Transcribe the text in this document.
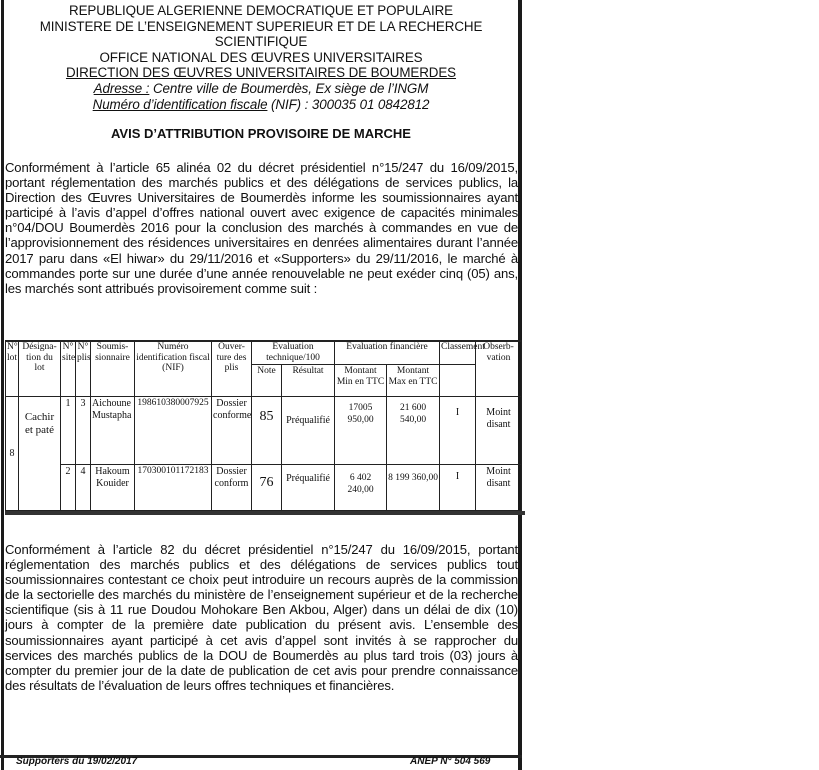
REPUBLIQUE ALGERIENNE DEMOCRATIQUE ET POPULAIRE
MINISTERE DE L’ENSEIGNEMENT SUPERIEUR ET DE LA RECHERCHE
SCIENTIFIQUE
OFFICE NATIONAL DES ŒUVRES UNIVERSITAIRES
DIRECTION DES ŒUVRES UNIVERSITAIRES DE BOUMERDES
Adresse : Centre ville de Boumerdès, Ex siège de l’INGM
Numéro d’identification fiscale (NIF) : 300035 01 0842812
AVIS D’ATTRIBUTION PROVISOIRE DE MARCHE
Conformément à l’article 65 alinéa 02 du décret présidentiel n°15/247 du 16/09/2015, portant réglementation des marchés publics et des délégations de services publics, la Direction des Œuvres Universitaires de Boumerdès informe les soumissionnaires ayant participé à l’avis d’appel d’offres national ouvert avec exigence de capacités minimales n°04/DOU Boumerdès 2016 pour la conclusion des marchés à commandes en vue de l’approvisionnement des résidences universitaires en denrées alimentaires durant l’année 2017 paru dans «El hiwar» du 29/11/2016 et «Supporters» du 29/11/2016, le marché à commandes porte sur une durée d’une année renouvelable ne peut exéder cinq (05) ans, les marchés sont attribués provisoirement comme suit :
N° lot	Désigna-tion du lot	N° site	N° plis	Soumis-sionnaire	Numéro identification fiscal (NIF)	Ouver-ture des plis	Evaluation technique/100		Evaluation financière		Classement	Obserb-vation
							Note	Résultat	Montant Min en TTC	Montant Max en TTC		
8	Cachir et paté	1	3	Aichoune Mustapha	198610380007925	Dossier conforme	85	Préqualifié	17005 950,00	21 600 540,00	I	Moint disant
		2	4	Hakoum Kouider	170300101172183	Dossier conform	76	Préqualifié	6 402 240,00	8 199 360,00	I	Moint disant
Conformément à l’article 82 du décret présidentiel n°15/247 du 16/09/2015, portant réglementation des marchés publics et des délégations de services publics tout soumissionnaires contestant ce choix peut introduire un recours auprès de la commission de la sectorielle des marchés du ministère de l’enseignement supérieur et de la recherche scientifique (sis à 11 rue Doudou Mohokare Ben Akbou, Alger) dans un délai de dix (10) jours à compter de la première date publication du présent avis. L’ensemble des soumissionnaires ayant participé à cet avis d’appel sont invités à se rapprocher du services des marchés publics de la DOU de Boumerdès au plus tard trois (03) jours à compter du premier jour de la date de publication de cet avis pour prendre connaissance des résultats de l’évaluation de leurs offres techniques et financières.
Supporters du 19/02/2017	ANEP N° 504 569
